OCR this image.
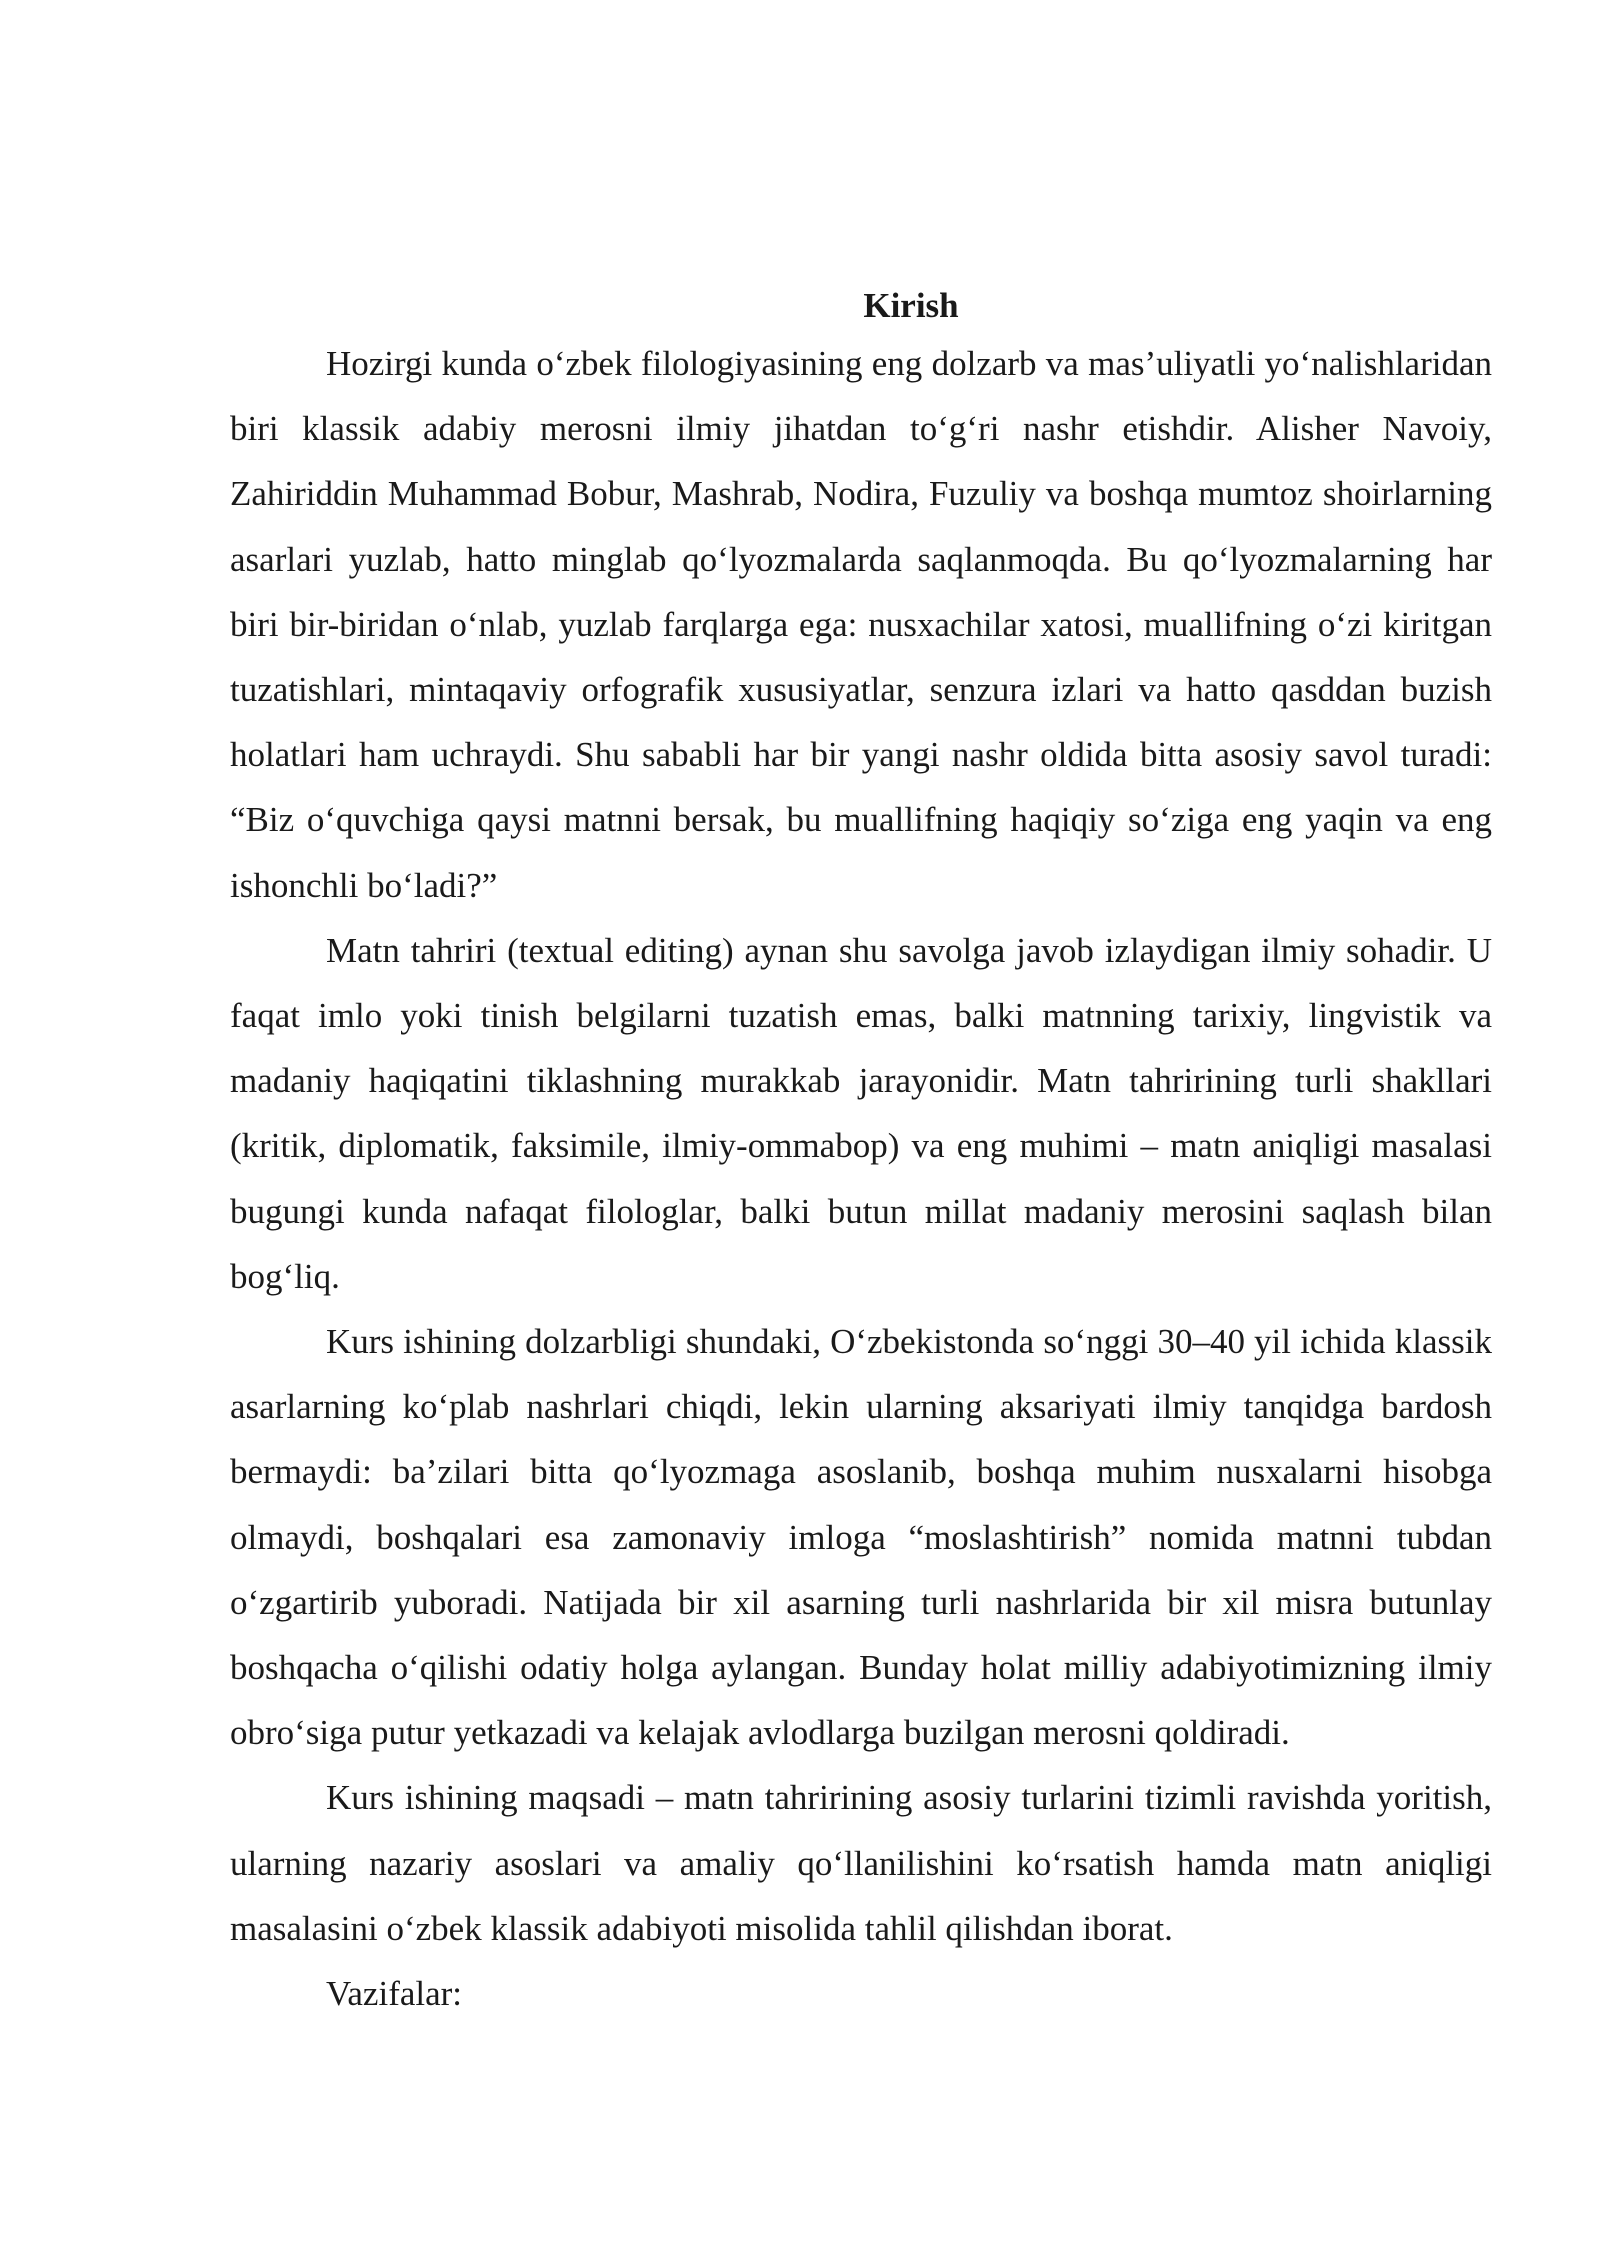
Kirish

Hozirgi kunda o‘zbek filologiyasining eng dolzarb va mas’uliyatli yo‘nalishlaridan biri klassik adabiy merosni ilmiy jihatdan to‘g‘ri nashr etishdir. Alisher Navoiy, Zahiriddin Muhammad Bobur, Mashrab, Nodira, Fuzuliy va boshqa mumtoz shoirlarning asarlari yuzlab, hatto minglab qo‘lyozmalarda saqlanmoqda. Bu qo‘lyozmalarning har biri bir-biridan o‘nlab, yuzlab farqlarga ega: nusxachilar xatosi, muallifning o‘zi kiritgan tuzatishlari, mintaqaviy orfografik xususiyatlar, senzura izlari va hatto qasddan buzish holatlari ham uchraydi. Shu sababli har bir yangi nashr oldida bitta asosiy savol turadi: “Biz o‘quvchiga qaysi matnni bersak, bu muallifning haqiqiy so‘ziga eng yaqin va eng ishonchli bo‘ladi?”

Matn tahriri (textual editing) aynan shu savolga javob izlaydigan ilmiy sohadir. U faqat imlo yoki tinish belgilarni tuzatish emas, balki matnning tarixiy, lingvistik va madaniy haqiqatini tiklashning murakkab jarayonidir. Matn tahririning turli shakllari (kritik, diplomatik, faksimile, ilmiy-ommabop) va eng muhimi – matn aniqligi masalasi bugungi kunda nafaqat filologlar, balki butun millat madaniy merosini saqlash bilan bog‘liq.

Kurs ishining dolzarbligi shundaki, O‘zbekistonda so‘nggi 30–40 yil ichida klassik asarlarning ko‘plab nashrlari chiqdi, lekin ularning aksariyati ilmiy tanqidga bardosh bermaydi: ba’zilari bitta qo‘lyozmaga asoslanib, boshqa muhim nusxalarni hisobga olmaydi, boshqalari esa zamonaviy imloga “moslashtirish” nomida matnni tubdan o‘zgartirib yuboradi. Natijada bir xil asarning turli nashrlarida bir xil misra butunlay boshqacha o‘qilishi odatiy holga aylangan. Bunday holat milliy adabiyotimizning ilmiy obro‘siga putur yetkazadi va kelajak avlodlarga buzilgan merosni qoldiradi.

Kurs ishining maqsadi – matn tahririning asosiy turlarini tizimli ravishda yoritish, ularning nazariy asoslari va amaliy qo‘llanilishini ko‘rsatish hamda matn aniqligi masalasini o‘zbek klassik adabiyoti misolida tahlil qilishdan iborat.

Vazifalar:
